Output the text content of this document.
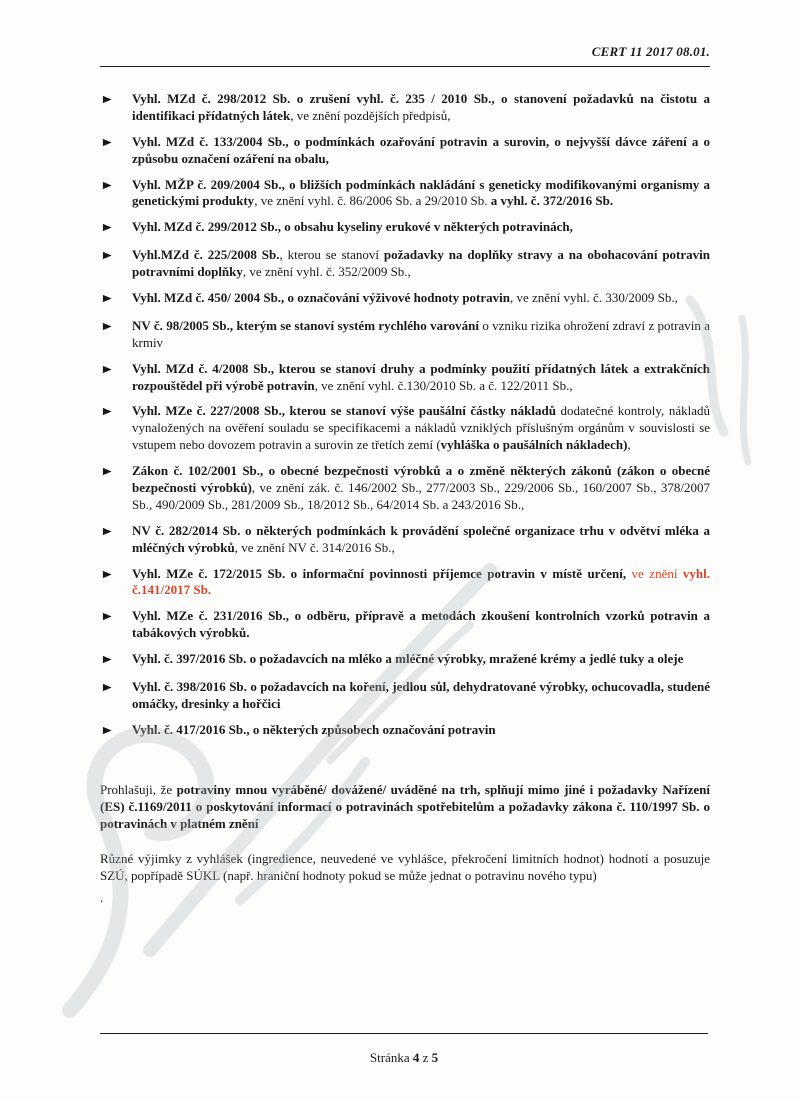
CERT 11 2017 08.01.
Vyhl. MZd č. 298/2012 Sb. o zrušení vyhl. č. 235 / 2010 Sb., o stanovení požadavků na čistotu a identifikaci přídatných látek, ve znění pozdějších předpisů,
Vyhl. MZd č. 133/2004 Sb., o podmínkách ozařování potravin a surovin, o nejvyšší dávce záření a o způsobu označení ozáření na obalu,
Vyhl. MŽP č. 209/2004 Sb., o bližších podmínkách nakládání s geneticky modifikovanými organismy a genetickými produkty, ve znění vyhl. č. 86/2006 Sb. a 29/2010 Sb. a vyhl. č. 372/2016 Sb.
Vyhl. MZd č. 299/2012 Sb., o obsahu kyseliny erukové v některých potravinách,
Vyhl.MZd č. 225/2008 Sb., kterou se stanoví požadavky na doplňky stravy a na obohacování potravin potravními doplňky, ve znění vyhl. č. 352/2009 Sb.,
Vyhl. MZd č. 450/ 2004 Sb., o označování výživové hodnoty potravin, ve znění vyhl. č. 330/2009 Sb.,
NV č. 98/2005 Sb., kterým se stanoví systém rychlého varování o vzniku rizika ohrožení zdraví z potravin a krmiv
Vyhl. MZd č. 4/2008 Sb., kterou se stanoví druhy a podmínky použití přídatných látek a extrakčních rozpouštědel při výrobě potravin, ve znění vyhl. č.130/2010 Sb. a č. 122/2011 Sb.,
Vyhl. MZe č. 227/2008 Sb., kterou se stanoví výše paušální částky nákladů dodatečné kontroly, nákladů vynaložených na ověření souladu se specifikacemi a nákladů vzniklých příslušným orgánům v souvislosti se vstupem nebo dovozem potravin a surovin ze třetích zemí (vyhláška o paušálních nákladech),
Zákon č. 102/2001 Sb., o obecné bezpečnosti výrobků a o změně některých zákonů (zákon o obecné bezpečnosti výrobků), ve znění zák. č. 146/2002 Sb., 277/2003 Sb., 229/2006 Sb., 160/2007 Sb., 378/2007 Sb., 490/2009 Sb., 281/2009 Sb., 18/2012 Sb., 64/2014 Sb. a 243/2016 Sb.,
NV č. 282/2014 Sb. o některých podmínkách k provádění společné organizace trhu v odvětví mléka a mléčných výrobků, ve znění NV č. 314/2016 Sb.,
Vyhl. MZe č. 172/2015 Sb. o informační povinnosti příjemce potravin v místě určení, ve znění vyhl. č.141/2017 Sb.
Vyhl. MZe č. 231/2016 Sb., o odběru, přípravě a metodách zkoušení kontrolních vzorků potravin a tabákových výrobků.
Vyhl. č. 397/2016 Sb. o požadavcích na mléko a mléčné výrobky, mražené krémy a jedlé tuky a oleje
Vyhl. č. 398/2016 Sb. o požadavcích na koření, jedlou sůl, dehydratované výrobky, ochucovadla, studené omáčky, dresinky a hořčici
Vyhl. č. 417/2016 Sb., o některých způsobech označování potravin

Prohlašuji, že potraviny mnou vyráběné/ dovážené/ uváděné na trh, splňují mimo jiné i požadavky Nařízení (ES) č.1169/2011 o poskytování informací o potravinách spotřebitelům a požadavky zákona č. 110/1997 Sb. o potravinách v platném znění

Různé výjimky z vyhlášek (ingredience, neuvedené ve vyhlášce, překročení limitních hodnot) hodnotí a posuzuje SZÚ, popřípadě SÚKL (např. hraniční hodnoty pokud se může jednat o potravinu nového typu)

.

Stránka 4 z 5
